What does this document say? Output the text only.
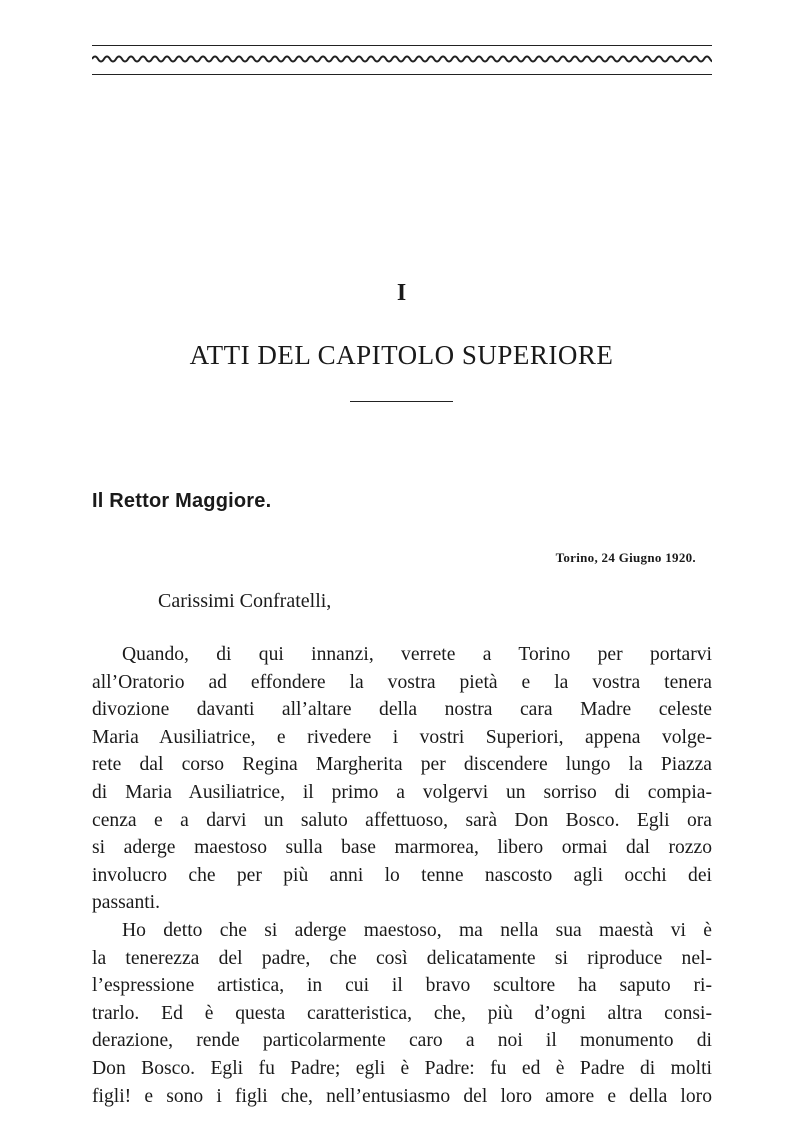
I
ATTI DEL CAPITOLO SUPERIORE
Il Rettor Maggiore.
Torino, 24 Giugno 1920.
Carissimi Confratelli,
Quando, di qui innanzi, verrete a Torino per portarvi
all’Oratorio ad effondere la vostra pietà e la vostra tenera
divozione davanti all’altare della nostra cara Madre celeste
Maria Ausiliatrice, e rivedere i vostri Superiori, appena volge-
rete dal corso Regina Margherita per discendere lungo la Piazza
di Maria Ausiliatrice, il primo a volgervi un sorriso di compia-
cenza e a darvi un saluto affettuoso, sarà Don Bosco. Egli ora
si aderge maestoso sulla base marmorea, libero ormai dal rozzo
involucro che per più anni lo tenne nascosto agli occhi dei
passanti.
Ho detto che si aderge maestoso, ma nella sua maestà vi è
la tenerezza del padre, che così delicatamente si riproduce nel-
l’espressione artistica, in cui il bravo scultore ha saputo ri-
trarlo. Ed è questa caratteristica, che, più d’ogni altra consi-
derazione, rende particolarmente caro a noi il monumento di
Don Bosco. Egli fu Padre; egli è Padre: fu ed è Padre di molti
figli! e sono i figli che, nell’entusiasmo del loro amore e della loro
